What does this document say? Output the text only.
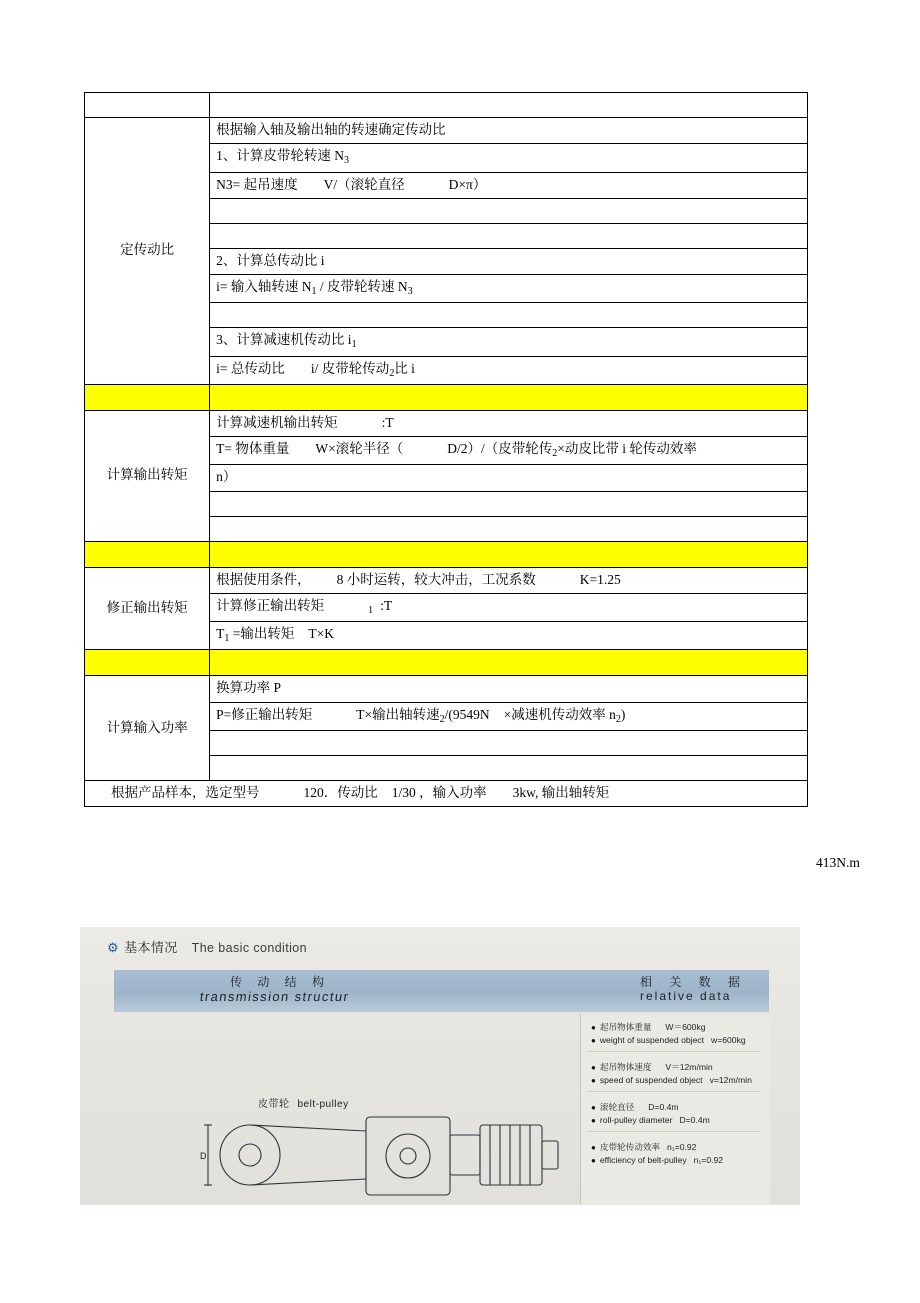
定传动比	根据输入轴及输出轴的转速确定传动比
	1、计算皮带轮转速 $N_3$
	N3= 起吊速度 V/（滚轮直径 D×π）

	2、计算总传动比 i
	i= 输入轴转速 $N_1$ / 皮带轮转速 $N_3$

	3、计算减速机传动比 $i_1$
	i= 总传动比 i/ 皮带轮传动$_2$比 i

计算输出转矩	计算减速机输出转矩 :T
	T= 物体重量 W×滚轮半径（ D/2）/（皮带轮传$_2$×动皮比带 i 轮传动效率
	n）

修正输出转矩	根据使用条件， 8 小时运转，较大冲击，工况系数 K=1.25
	计算修正输出转矩 $_1$ :T
	$T_1$ =输出转矩 T×K

计算输入功率	换算功率 P
	P=修正输出转矩 T×输出轴转速$_2$/(9549N ×减速机传动效率 $n_2$)

根据产品样本，选定型号 120．传动比 1/30 ，输入功率 3kw, 输出轴转矩	
413N.m
⚙ 基本情况 The basic condition
传 动 结 构
transmission structur
相 关 数 据
relative data
● 起吊物体重量 W＝600kg
● weight of suspended object w=600kg
● 起吊物体速度 V＝12m/min
● speed of suspended object v=12m/min
● 滚轮直径 D=0.4m
● roll-pulley diameter D=0.4m
● 皮带轮传动效率 n₁=0.92
● efficiency of belt-pulley n₁=0.92
皮带轮 belt-pulley
D
